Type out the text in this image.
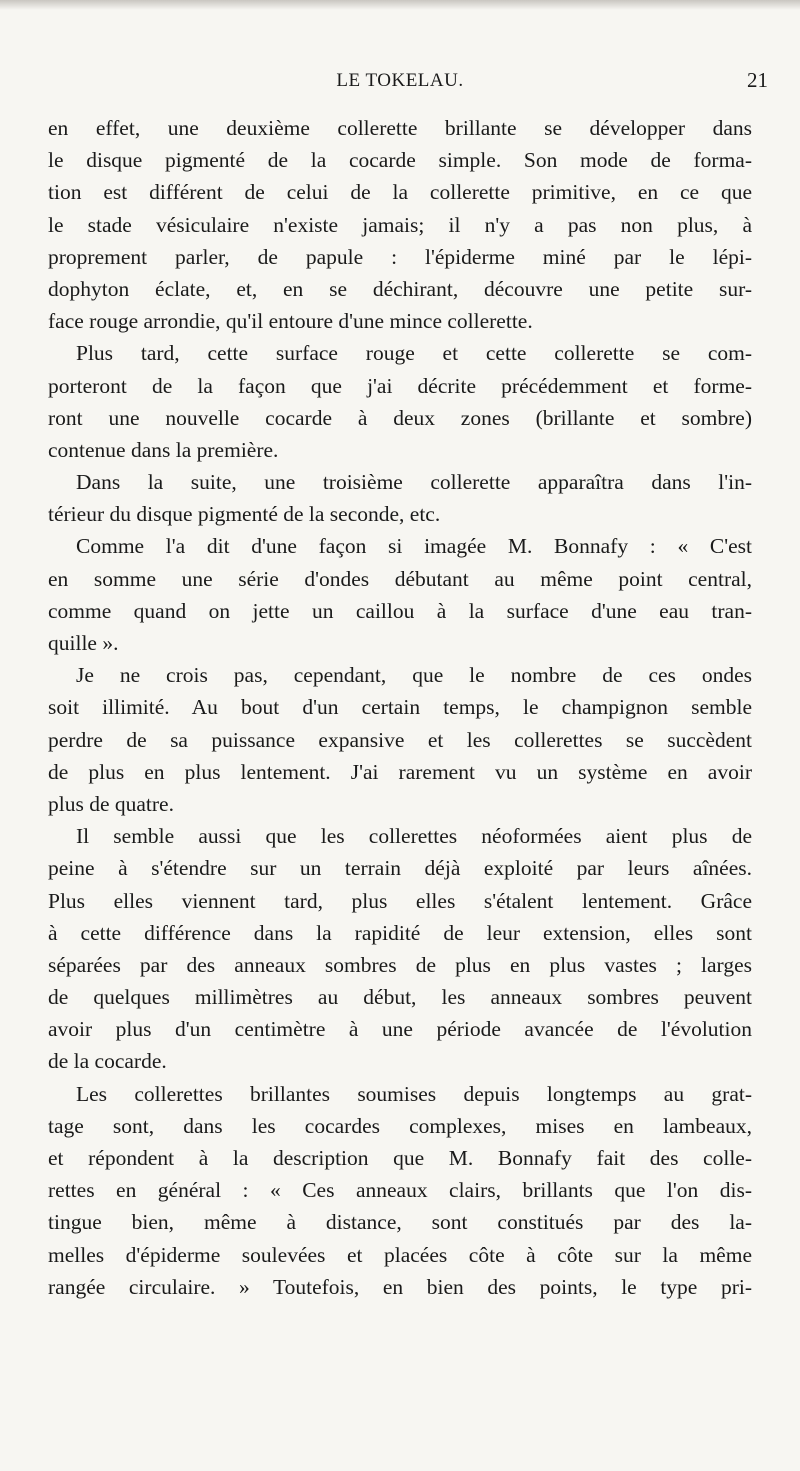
LE TOKELAU.	21
en effet, une deuxième collerette brillante se développer dans
le disque pigmenté de la cocarde simple. Son mode de forma-
tion est différent de celui de la collerette primitive, en ce que
le stade vésiculaire n'existe jamais; il n'y a pas non plus, à
proprement parler, de papule : l'épiderme miné par le lépi-
dophyton éclate, et, en se déchirant, découvre une petite sur-
face rouge arrondie, qu'il entoure d'une mince collerette.
Plus tard, cette surface rouge et cette collerette se com-
porteront de la façon que j'ai décrite précédemment et forme-
ront une nouvelle cocarde à deux zones (brillante et sombre)
contenue dans la première.
Dans la suite, une troisième collerette apparaîtra dans l'in-
térieur du disque pigmenté de la seconde, etc.
Comme l'a dit d'une façon si imagée M. Bonnafy : « C'est
en somme une série d'ondes débutant au même point central,
comme quand on jette un caillou à la surface d'une eau tran-
quille ».
Je ne crois pas, cependant, que le nombre de ces ondes
soit illimité. Au bout d'un certain temps, le champignon semble
perdre de sa puissance expansive et les collerettes se succèdent
de plus en plus lentement. J'ai rarement vu un système en avoir
plus de quatre.
Il semble aussi que les collerettes néoformées aient plus de
peine à s'étendre sur un terrain déjà exploité par leurs aînées.
Plus elles viennent tard, plus elles s'étalent lentement. Grâce
à cette différence dans la rapidité de leur extension, elles sont
séparées par des anneaux sombres de plus en plus vastes ; larges
de quelques millimètres au début, les anneaux sombres peuvent
avoir plus d'un centimètre à une période avancée de l'évolution
de la cocarde.
Les collerettes brillantes soumises depuis longtemps au grat-
tage sont, dans les cocardes complexes, mises en lambeaux,
et répondent à la description que M. Bonnafy fait des colle-
rettes en général : « Ces anneaux clairs, brillants que l'on dis-
tingue bien, même à distance, sont constitués par des la-
melles d'épiderme soulevées et placées côte à côte sur la même
rangée circulaire. » Toutefois, en bien des points, le type pri-
